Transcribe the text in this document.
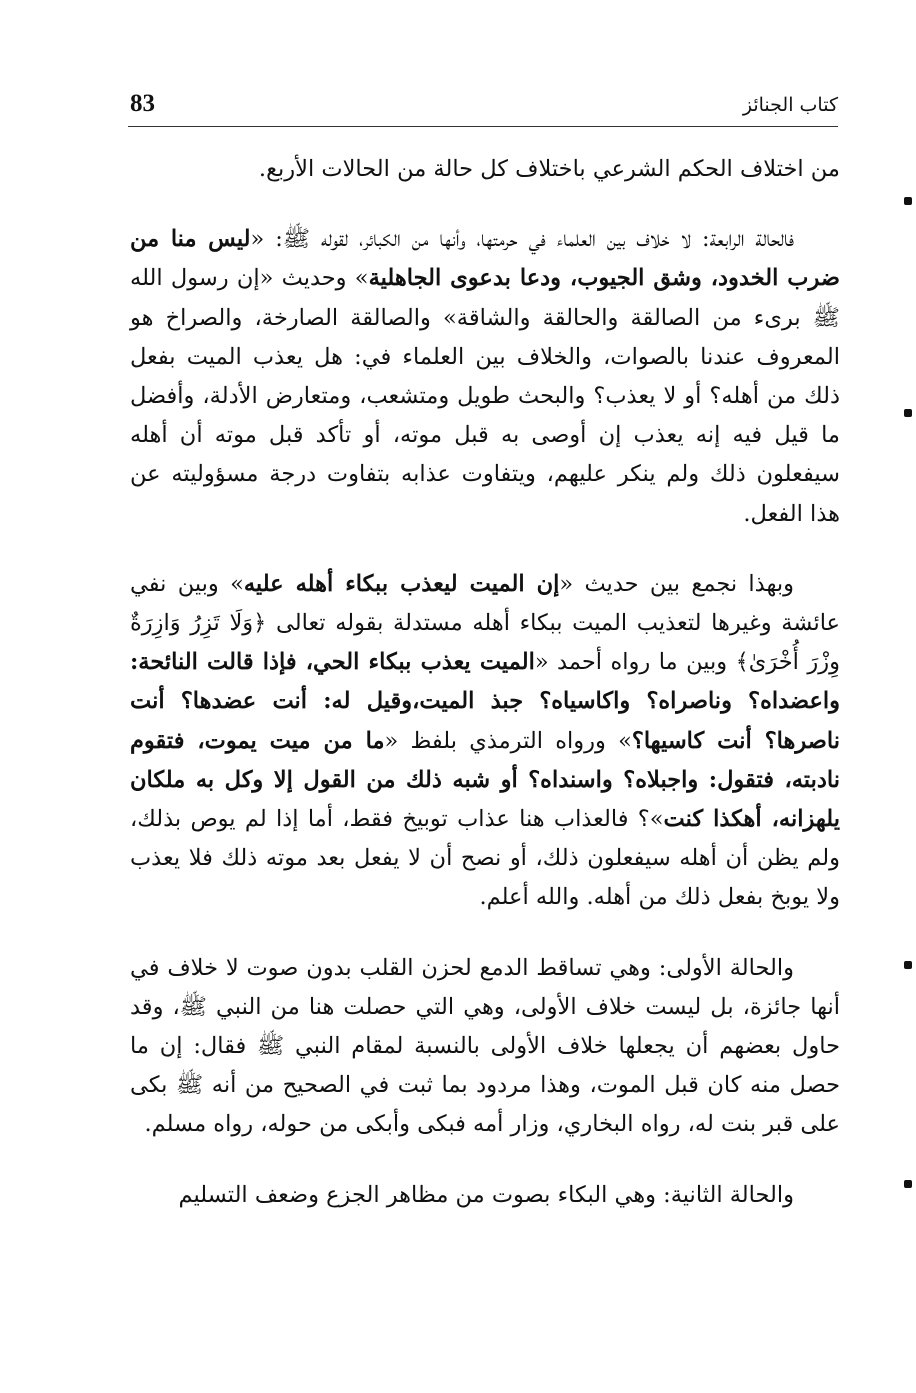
83	كتاب الجنائز

من اختلاف الحكم الشرعي باختلاف كل حالة من الحالات الأربع.

فالحالة الرابعة: لا خلاف بين العلماء في حرمتها، وأنها من الكبائر، لقوله ﷺ: «ليس منا من ضرب الخدود، وشق الجيوب، ودعا بدعوى الجاهلية» وحديث «إن رسول الله ﷺ برىء من الصالقة والحالقة والشاقة» والصالقة الصارخة، والصراخ هو المعروف عندنا بالصوات، والخلاف بين العلماء في: هل يعذب الميت بفعل ذلك من أهله؟ أو لا يعذب؟ والبحث طويل ومتشعب، ومتعارض الأدلة، وأفضل ما قيل فيه إنه يعذب إن أوصى به قبل موته، أو تأكد قبل موته أن أهله سيفعلون ذلك ولم ينكر عليهم، ويتفاوت عذابه بتفاوت درجة مسؤوليته عن هذا الفعل.

وبهذا نجمع بين حديث «إن الميت ليعذب ببكاء أهله عليه» وبين نفي عائشة وغيرها لتعذيب الميت ببكاء أهله مستدلة بقوله تعالى ﴿وَلَا تَزِرُ وَازِرَةٌ وِزْرَ أُخْرَىٰ﴾ وبين ما رواه أحمد «الميت يعذب ببكاء الحي، فإذا قالت النائحة: واعضداه؟ وناصراه؟ واكاسياه؟ جبذ الميت،وقيل له: أنت عضدها؟ أنت ناصرها؟ أنت كاسيها؟» ورواه الترمذي بلفظ «ما من ميت يموت، فتقوم نادبته، فتقول: واجبلاه؟ واسنداه؟ أو شبه ذلك من القول إلا وكل به ملكان يلهزانه، أهكذا كنت»؟ فالعذاب هنا عذاب توبيخ فقط، أما إذا لم يوص بذلك، ولم يظن أن أهله سيفعلون ذلك، أو نصح أن لا يفعل بعد موته ذلك فلا يعذب ولا يوبخ بفعل ذلك من أهله. والله أعلم.

والحالة الأولى: وهي تساقط الدمع لحزن القلب بدون صوت لا خلاف في أنها جائزة، بل ليست خلاف الأولى، وهي التي حصلت هنا من النبي ﷺ، وقد حاول بعضهم أن يجعلها خلاف الأولى بالنسبة لمقام النبي ﷺ فقال: إن ما حصل منه كان قبل الموت، وهذا مردود بما ثبت في الصحيح من أنه ﷺ بكى على قبر بنت له، رواه البخاري، وزار أمه فبكى وأبكى من حوله، رواه مسلم.

والحالة الثانية: وهي البكاء بصوت من مظاهر الجزع وضعف التسليم
